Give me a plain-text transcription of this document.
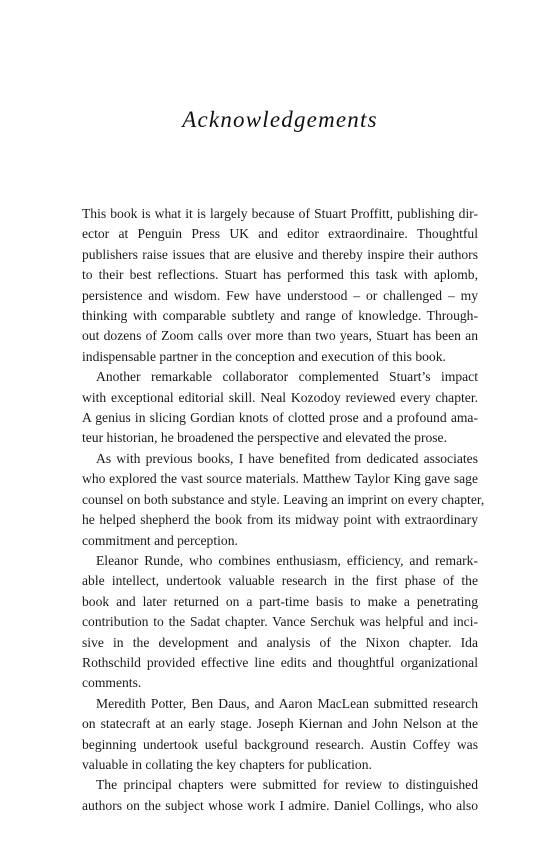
Acknowledgements

This book is what it is largely because of Stuart Proffitt, publishing dir-
ector at Penguin Press UK and editor extraordinaire. Thoughtful
publishers raise issues that are elusive and thereby inspire their authors
to their best reflections. Stuart has performed this task with aplomb,
persistence and wisdom. Few have understood – or challenged – my
thinking with comparable subtlety and range of knowledge. Through-
out dozens of Zoom calls over more than two years, Stuart has been an
indispensable partner in the conception and execution of this book.

Another remarkable collaborator complemented Stuart’s impact
with exceptional editorial skill. Neal Kozodoy reviewed every chapter.
A genius in slicing Gordian knots of clotted prose and a profound ama-
teur historian, he broadened the perspective and elevated the prose.

As with previous books, I have benefited from dedicated associates
who explored the vast source materials. Matthew Taylor King gave sage
counsel on both substance and style. Leaving an imprint on every chapter,
he helped shepherd the book from its midway point with extraordinary
commitment and perception.

Eleanor Runde, who combines enthusiasm, efficiency, and remark-
able intellect, undertook valuable research in the first phase of the
book and later returned on a part-time basis to make a penetrating
contribution to the Sadat chapter. Vance Serchuk was helpful and inci-
sive in the development and analysis of the Nixon chapter. Ida
Rothschild provided effective line edits and thoughtful organizational
comments.

Meredith Potter, Ben Daus, and Aaron MacLean submitted research
on statecraft at an early stage. Joseph Kiernan and John Nelson at the
beginning undertook useful background research. Austin Coffey was
valuable in collating the key chapters for publication.

The principal chapters were submitted for review to distinguished
authors on the subject whose work I admire. Daniel Collings, who also
